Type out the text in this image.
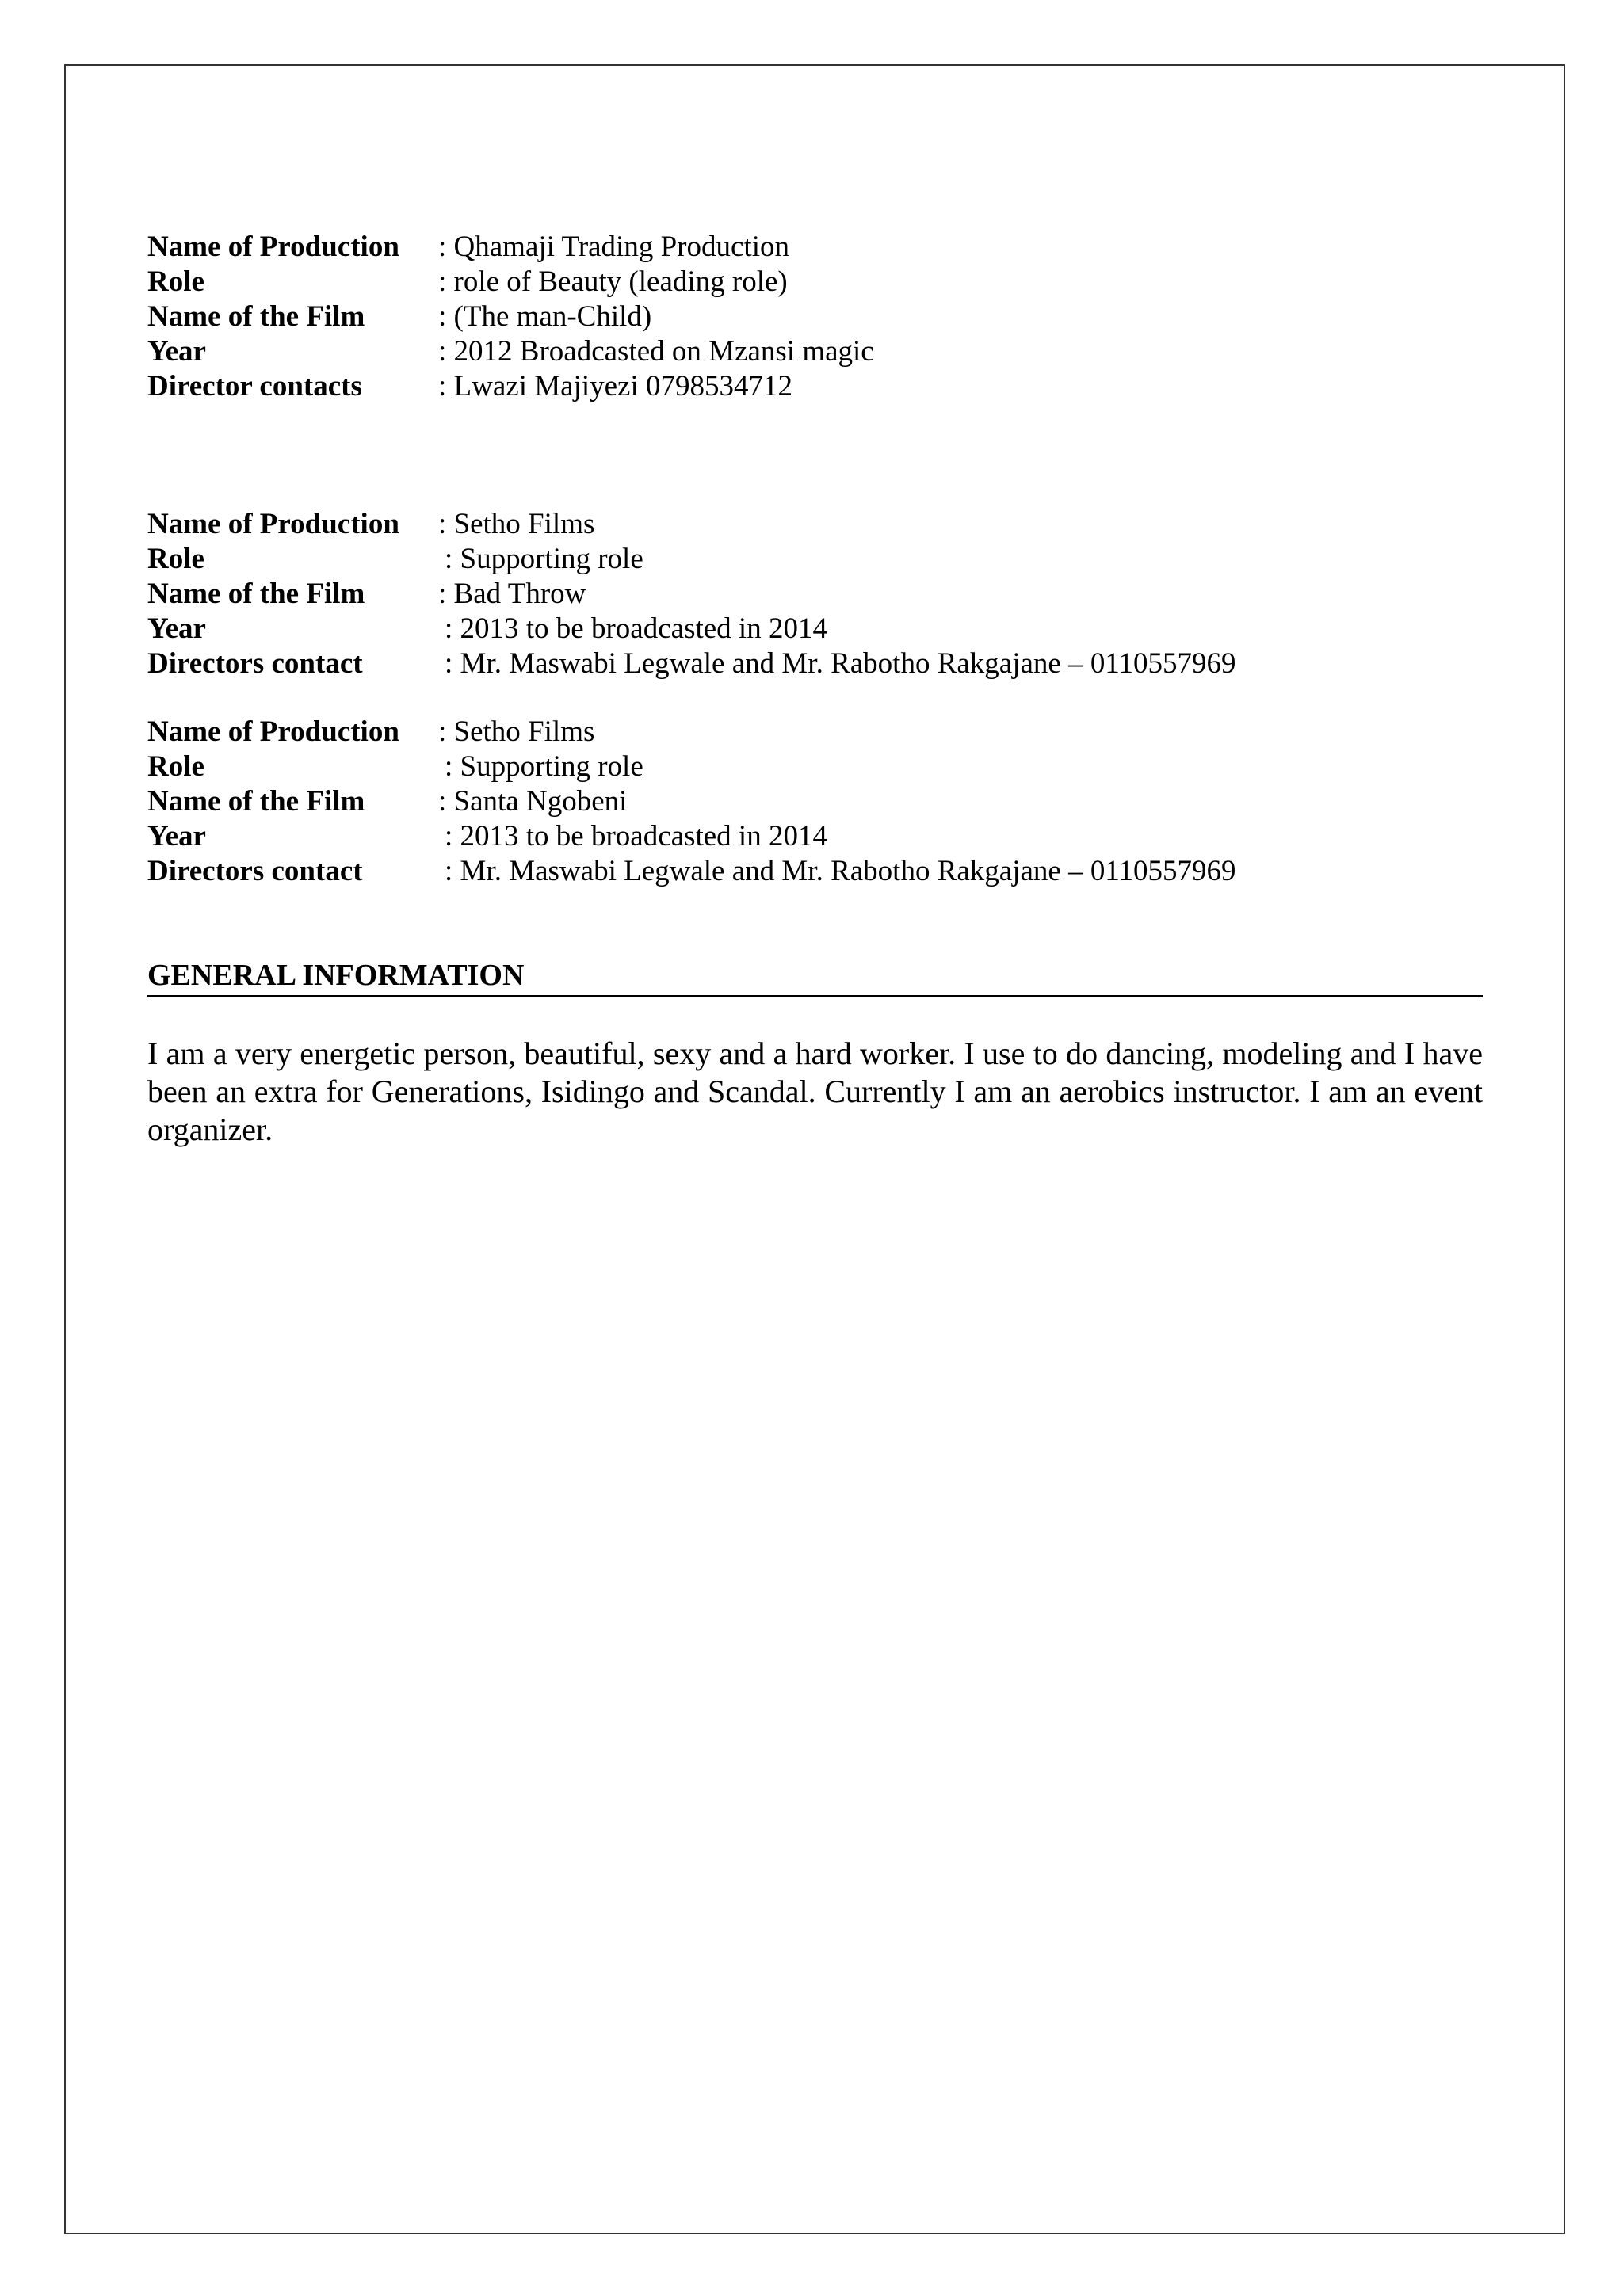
Name of Production : Qhamaji Trading Production
Role	: role of Beauty (leading role)
Name of the Film	: (The man-Child)
Year	: 2012 Broadcasted on Mzansi magic
Director contacts	: Lwazi Majiyezi 0798534712
Name of Production : Setho Films
Role	: Supporting role
Name of the Film	: Bad Throw
Year	: 2013 to be broadcasted in 2014
Directors contact	: Mr. Maswabi Legwale and Mr. Rabotho Rakgajane – 0110557969
Name of Production : Setho Films
Role	: Supporting role
Name of the Film	: Santa Ngobeni
Year	: 2013 to be broadcasted in 2014
Directors contact	: Mr. Maswabi Legwale and Mr. Rabotho Rakgajane – 0110557969
GENERAL INFORMATION
I am a very energetic person, beautiful, sexy and a hard worker. I use to do dancing, modeling and I have been an extra for Generations, Isidingo and Scandal. Currently I am an aerobics instructor. I am an event organizer.
